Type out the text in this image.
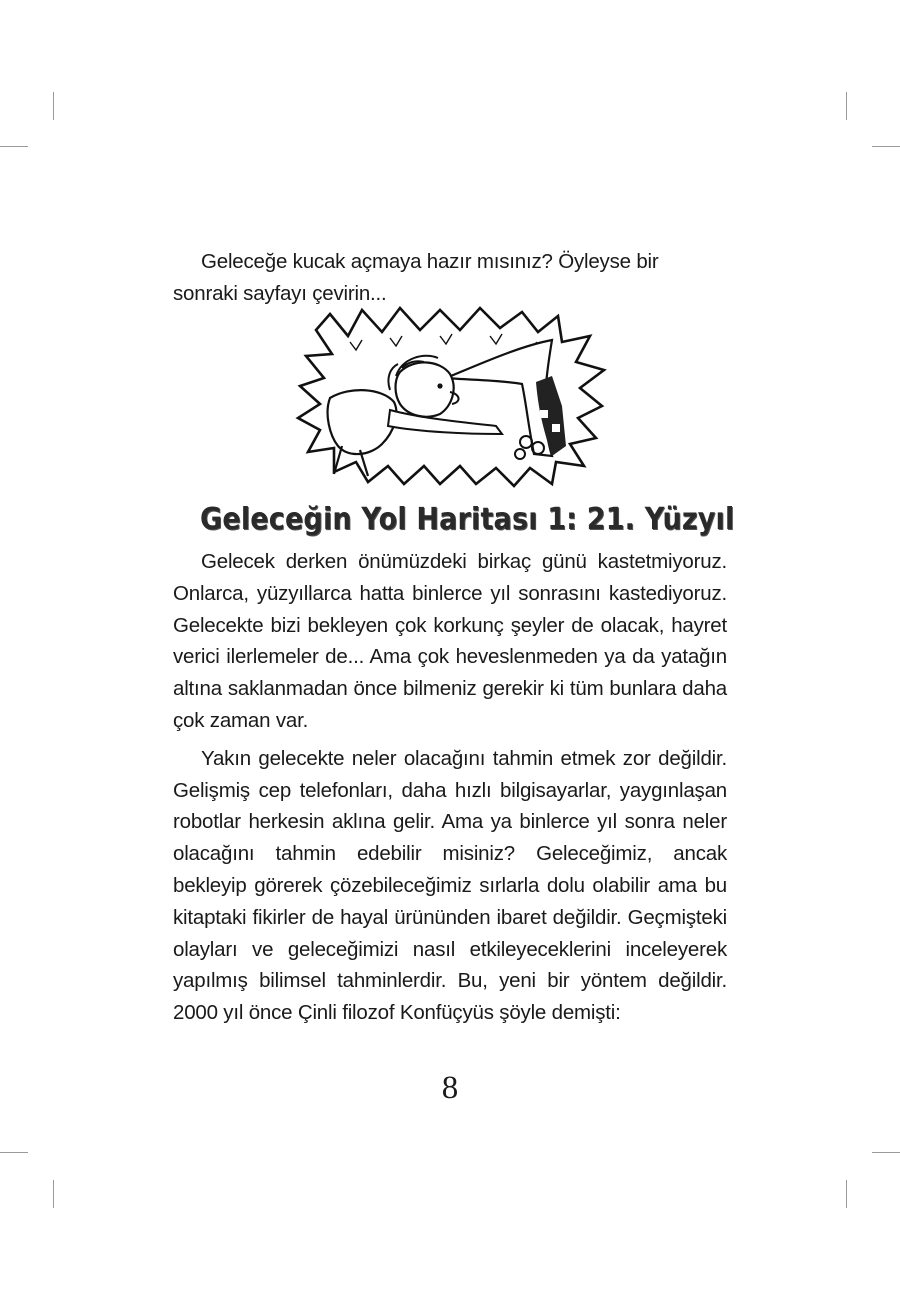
Geleceğe kucak açmaya hazır mısınız? Öyleyse bir sonraki sayfayı çevirin...

Geleceğin Yol Haritası 1: 21. Yüzyıl

Gelecek derken önümüzdeki birkaç günü kastetmiyoruz. Onlarca, yüzyıllarca hatta binlerce yıl sonrasını kastediyoruz. Gelecekte bizi bekleyen çok korkunç şeyler de olacak, hayret verici ilerlemeler de... Ama çok heveslenmeden ya da yatağın altına saklanmadan önce bilmeniz gerekir ki tüm bunlara daha çok zaman var.

Yakın gelecekte neler olacağını tahmin etmek zor değildir. Gelişmiş cep telefonları, daha hızlı bilgisayarlar, yaygınlaşan robotlar herkesin aklına gelir. Ama ya binlerce yıl sonra neler olacağını tahmin edebilir misiniz? Geleceğimiz, ancak bekleyip görerek çözebileceğimiz sırlarla dolu olabilir ama bu kitaptaki fikirler de hayal ürününden ibaret değildir. Geçmişteki olayları ve geleceğimizi nasıl etkileyeceklerini inceleyerek yapılmış bilimsel tahminlerdir. Bu, yeni bir yöntem değildir. 2000 yıl önce Çinli filozof Konfüçyüs şöyle demişti:

8
